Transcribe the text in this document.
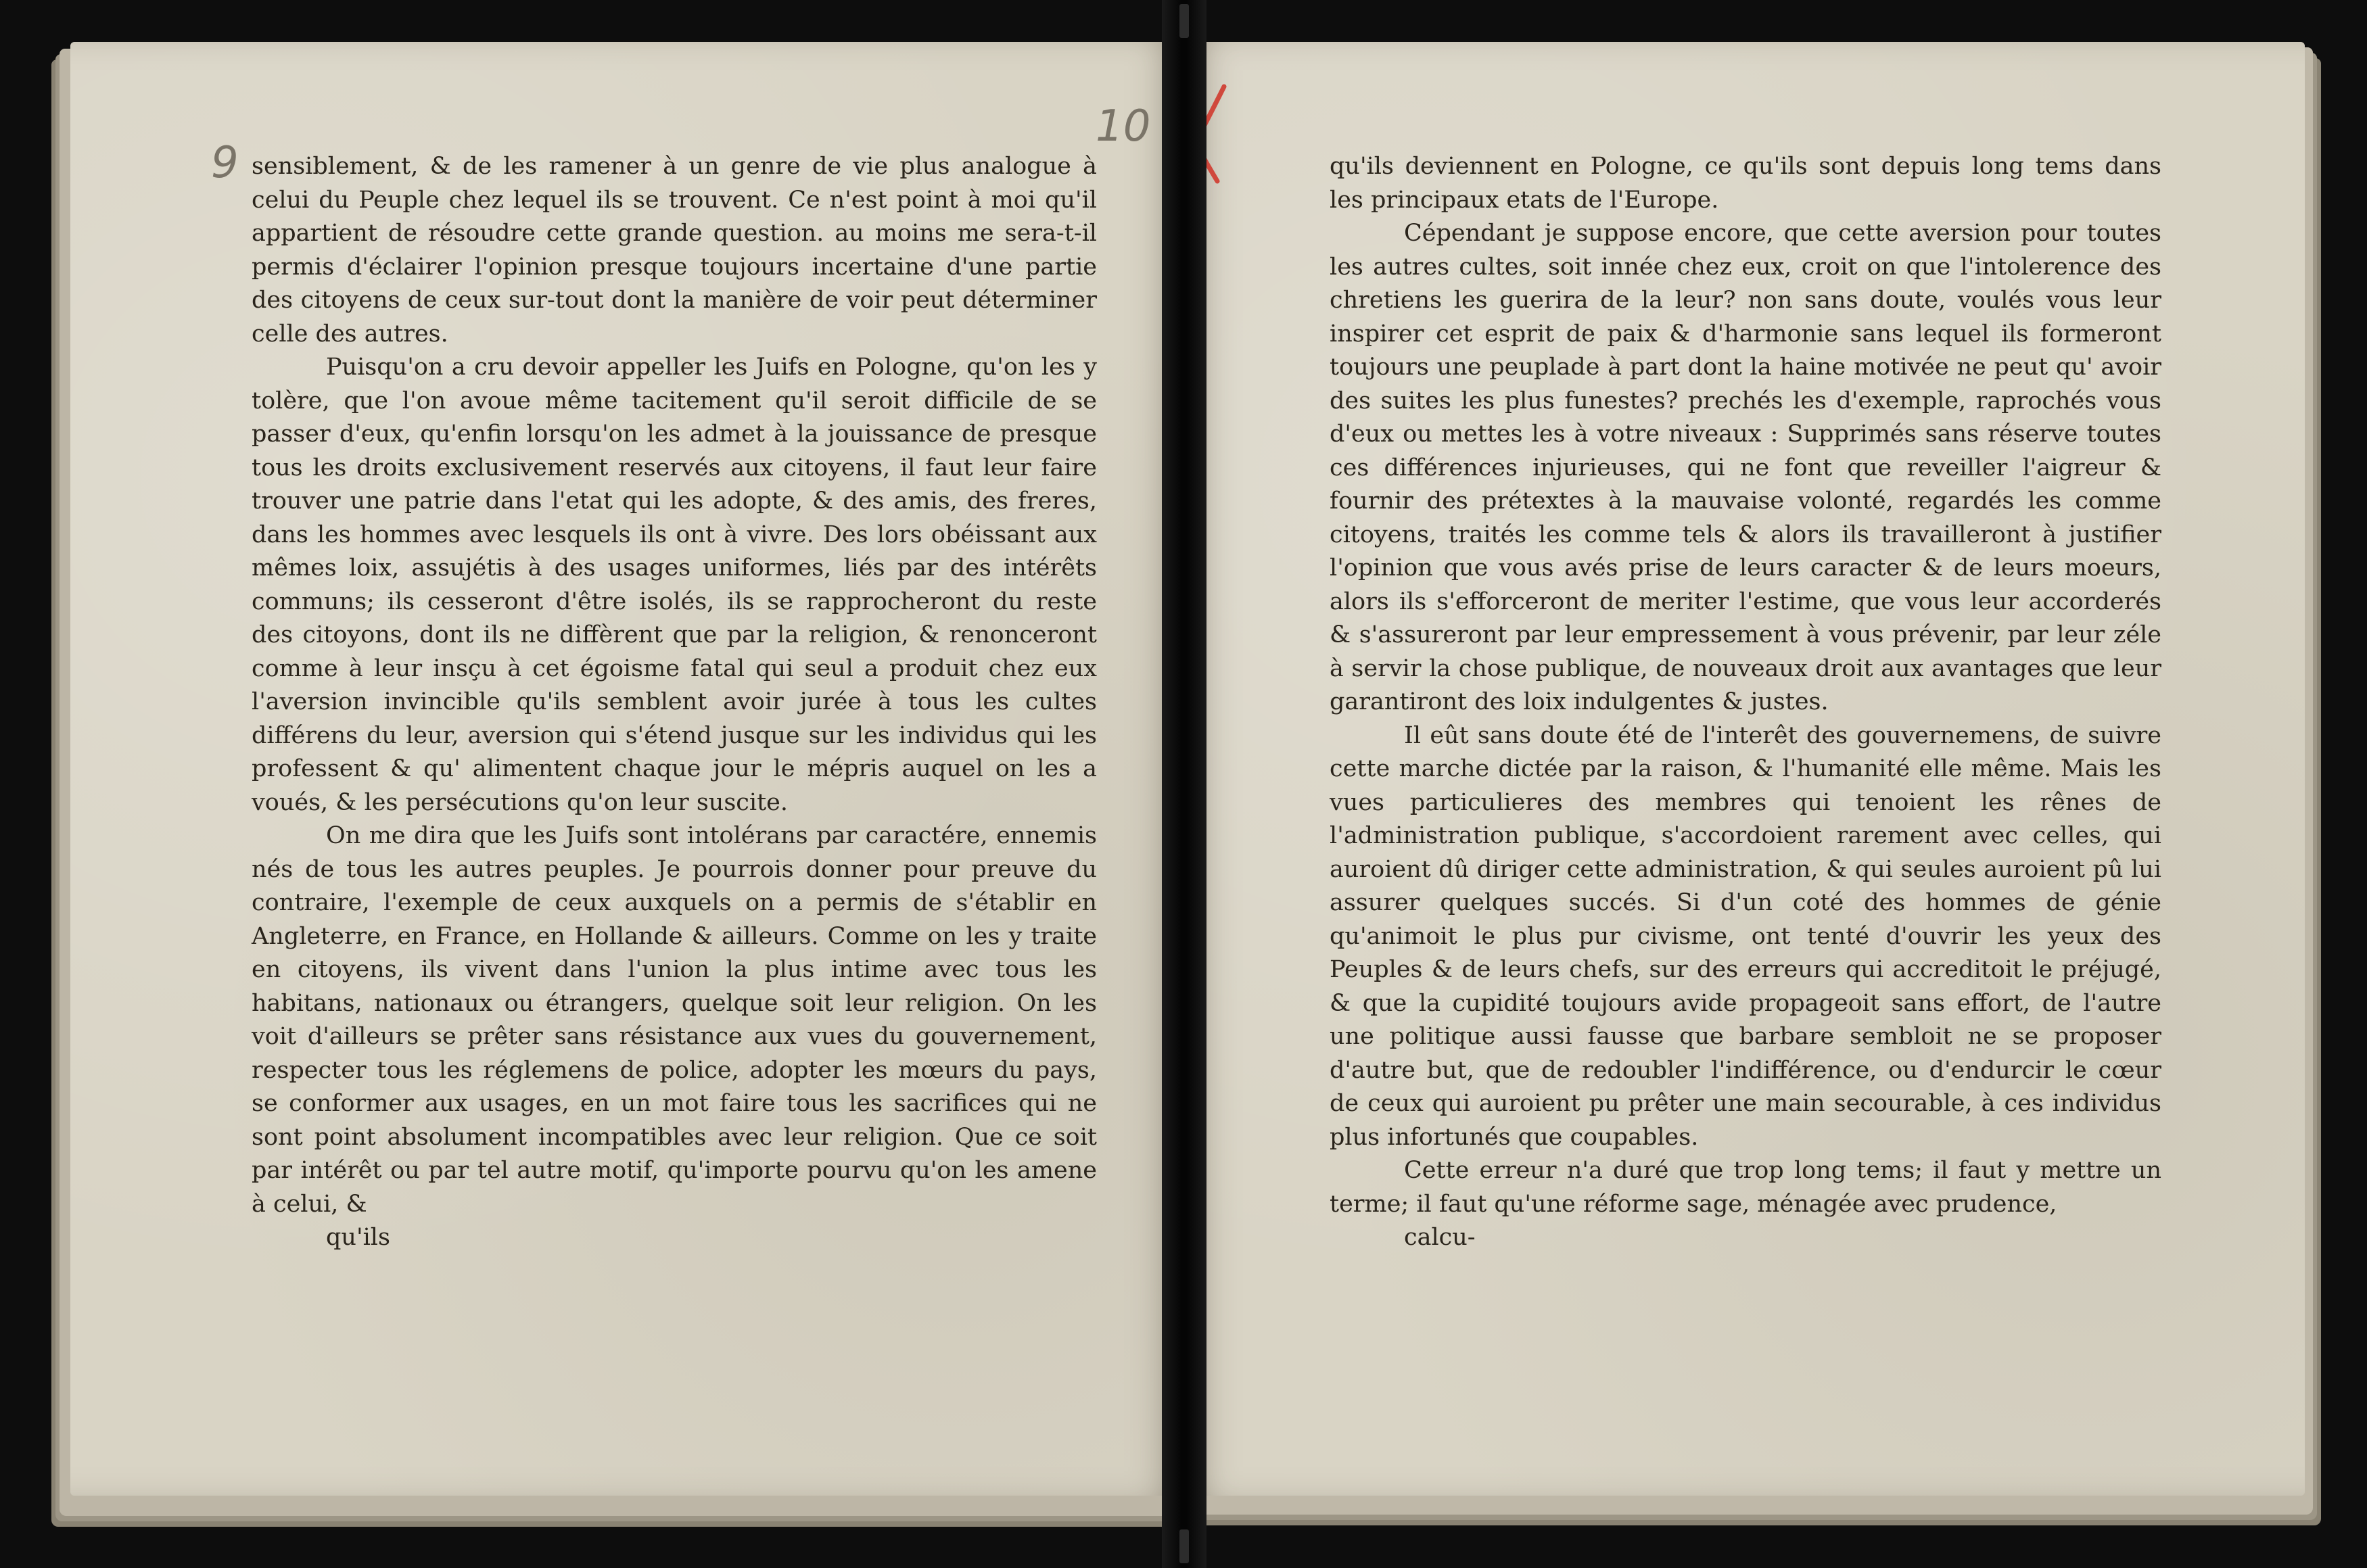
9 sensiblement, & de les ramener à un genre de vie plus analogue à celui du Peuple chez lequel ils se trouvent. Ce n'est point à moi qu'il appartient de résoudre cette grande question. au moins me sera-t-il permis d'éclairer l'opinion presque toujours incertaine d'une partie des citoyens de ceux sur-tout dont la manière de voir peut déterminer celle des autres.

Puisqu'on a cru devoir appeller les Juifs en Pologne, qu'on les y tolère, que l'on avoue même tacitement qu'il seroit difficile de se passer d'eux, qu'enfin lorsqu'on les admet à la jouissance de presque tous les droits exclusivement reservés aux citoyens, il faut leur faire trouver une patrie dans l'etat qui les adopte, & des amis, des freres, dans les hommes avec lesquels ils ont à vivre. Des lors obéissant aux mêmes loix, assujétis à des usages uniformes, liés par des intérêts communs; ils cesseront d'être isolés, ils se rapprocheront du reste des citoyons, dont ils ne diffèrent que par la religion, & renonceront comme à leur insçu à cet égoisme fatal qui seul a produit chez eux l'aversion invincible qu'ils semblent avoir jurée à tous les cultes différens du leur, aversion qui s'étend jusque sur les individus qui les professent & qu' alimentent chaque jour le mépris auquel on les a voués, & les persécutions qu'on leur suscite.

On me dira que les Juifs sont intolérans par caractére, ennemis nés de tous les autres peuples. Je pourrois donner pour preuve du contraire, l'exemple de ceux auxquels on a permis de s'établir en Angleterre, en France, en Hollande & ailleurs. Comme on les y traite en citoyens, ils vivent dans l'union la plus intime avec tous les habitans, nationaux ou étrangers, quelque soit leur religion. On les voit d'ailleurs se prêter sans résistance aux vues du gouvernement, respecter tous les réglemens de police, adopter les mœurs du pays, se conformer aux usages, en un mot faire tous les sacrifices qui ne sont point absolument incompatibles avec leur religion. Que ce soit par intérêt ou par tel autre motif, qu'importe pourvu qu'on les amene à celui, &

qu'ils

qu'ils deviennent en Pologne, ce qu'ils sont depuis long tems dans les principaux etats de l'Europe.

Cépendant je suppose encore, que cette aversion pour toutes les autres cultes, soit innée chez eux, croit on que l'intolerence des chretiens les guerira de la leur? non sans doute, voulés vous leur inspirer cet esprit de paix & d'harmonie sans lequel ils formeront toujours une peuplade à part dont la haine motivée ne peut qu' avoir des suites les plus funestes? prechés les d'exemple, raprochés vous d'eux ou mettes les à votre niveaux : Supprimés sans réserve toutes ces différences injurieuses, qui ne font que reveiller l'aigreur & fournir des prétextes à la mauvaise volonté, regardés les comme citoyens, traités les comme tels & alors ils travailleront à justifier l'opinion que vous avés prise de leurs caracter & de leurs moeurs, alors ils s'efforceront de meriter l'estime, que vous leur accorderés & s'assureront par leur empressement à vous prévenir, par leur zéle à servir la chose publique, de nouveaux droit aux avantages que leur garantiront des loix indulgentes & justes.

Il eût sans doute été de l'interêt des gouvernemens, de suivre cette marche dictée par la raison, & l'humanité elle même. Mais les vues particulieres des membres qui tenoient les rênes de l'administration publique, s'accordoient rarement avec celles, qui auroient dû diriger cette administration, & qui seules auroient pû lui assurer quelques succés. Si d'un coté des hommes de génie qu'animoit le plus pur civisme, ont tenté d'ouvrir les yeux des Peuples & de leurs chefs, sur des erreurs qui accreditoit le préjugé, & que la cupidité toujours avide propageoit sans effort, de l'autre une politique aussi fausse que barbare sembloit ne se proposer d'autre but, que de redoubler l'indifférence, ou d'endurcir le cœur de ceux qui auroient pu prêter une main secourable, à ces individus plus infortunés que coupables.

Cette erreur n'a duré que trop long tems; il faut y mettre un terme; il faut qu'une réforme sage, ménagée avec prudence,

calcu-

10
